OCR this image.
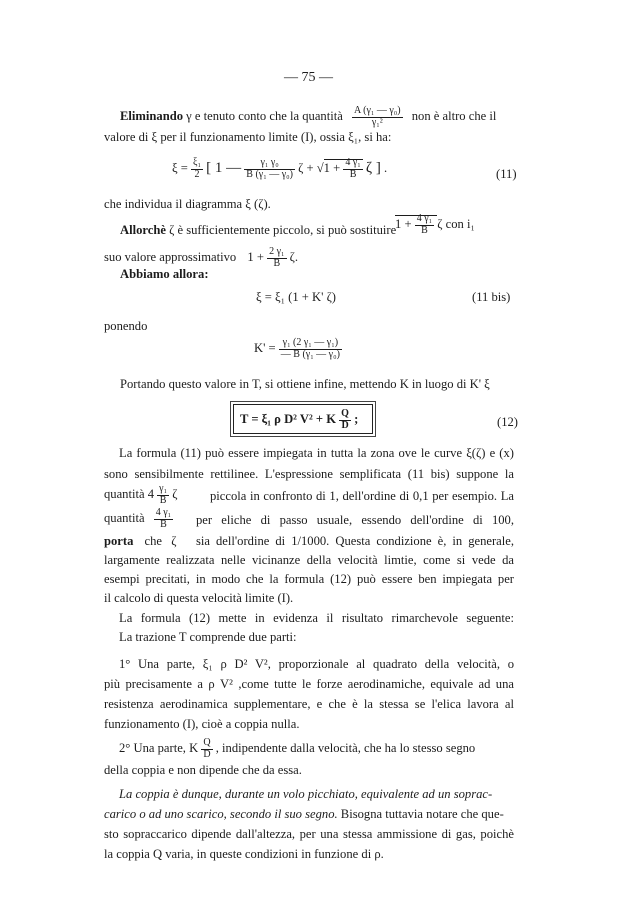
— 75 —
Eliminando γ e tenuto conto che la quantità $\frac{\text{A (γ₁ — γ₀)}}{\text{γ₁²}}$ non è altro che il
valore di ξ per il funzionamento limite (I), ossia ξ₁, si ha:
$\xi = \frac{\text{ξ₁}}{2}$ [ 1 — $\frac{\text{γ₁ γ₀}}{\text{B (γ₁ — γ₀)}}$ $\zeta + √1 + \frac{\text{4 γ₁}}{B}$ ζ ] .	(11)
che individua il diagramma ξ (ζ).
Allorchè ζ è sufficientemente piccolo, si può sostituire
$1 + \frac{\text{4 γ₁}}{B}$ ζ con i₁
suo valore approssimativo $1 + \frac{\text{2 γ₁}}{B} \zeta$.
Abbiamo allora:
ξ = ξ₁ (1 + K' ζ)	(11 bis)
ponendo
$K' = \frac{\text{γ₁ (2 γ₁ — γ₁)}}{\text{— B (γ₁ — γ₀)}}$
Portando questo valore in T, si ottiene infine, mettendo K in luogo di K' ξ
T = ξ₁ ρ D² V² + K $\frac{Q}{D}$ ;	(12)
La formula (11) può essere impiegata in tutta la zona ove le curve ξ(ζ) e (x)
sono sensibilmente rettilinee. L'espressione semplificata (11 bis) suppone la
quantità $4 \frac{\text{γ₁}}{B}$ ζ	piccola in confronto di 1, dell'ordine di 0,1 per esempio. La
quantità $\frac{\text{4 γ₁}}{B}$ per eliche di passo usuale, essendo dell'ordine di 100,
porta che ζ sia dell'ordine di 1/1000. Questa condizione è, in generale,
largamente realizzata nelle vicinanze della velocità limtie, come si vede da
esempi precitati, in modo che la formula (12) può essere ben impiegata per
il calcolo di questa velocità limite (I).
La formula (12) mette in evidenza il risultato rimarchevole seguente:
La trazione T comprende due parti:
1° Una parte, ξ₁ ρ D² V², proporzionale al quadrato della velocità, o
più precisamente a ρ V² ,come tutte le forze aerodinamiche, equivale ad una
resistenza aerodinamica supplementare, e che è la stessa se l'elica lavora al
funzionamento (I), cioè a coppia nulla.
2° Una parte, K $\frac{Q}{D}$ , indipendente dalla velocità, che ha lo stesso segno
della coppia e non dipende che da essa.
La coppia è dunque, durante un volo picchiato, equivalente ad un soprac-
carico o ad uno scarico, secondo il suo segno. Bisogna tuttavia notare che que-
sto sopraccarico dipende dall'altezza, per una stessa ammissione di gas, poichè
la coppia Q varia, in queste condizioni in funzione di ρ.
